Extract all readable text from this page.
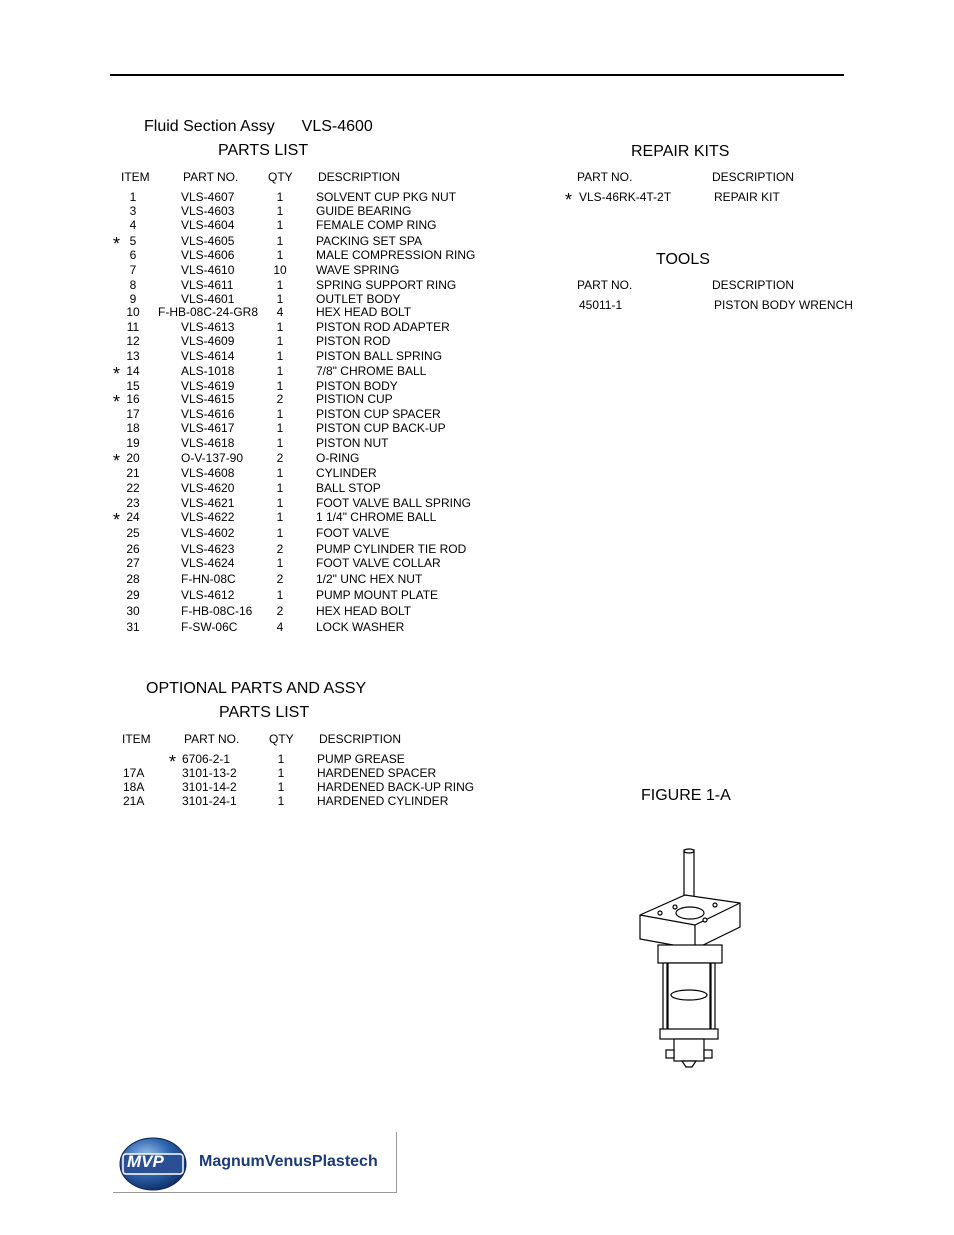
Fluid Section Assy VLS-4600
PARTS LIST
ITEM	PART NO. QTY DESCRIPTION
1	VLS-4607	1	SOLVENT CUP PKG NUT
3	VLS-4603	1	GUIDE BEARING
4	VLS-4604	1	FEMALE COMP RING
* 5	VLS-4605	1	PACKING SET SPA
6	VLS-4606	1	MALE COMPRESSION RING
7	VLS-4610	10 WAVE SPRING
8	VLS-4611	1	SPRING SUPPORT RING
9	VLS-4601	1	OUTLET BODY
10 F-HB-08C-24-GR8	4	HEX HEAD BOLT
11	VLS-4613	1	PISTON ROD ADAPTER
12	VLS-4609	1	PISTON ROD
13	VLS-4614	1	PISTON BALL SPRING
* 14	ALS-1018	1	7/8" CHROME BALL
15	VLS-4619	1	PISTON BODY
* 16	VLS-4615	2	PISTION CUP
17	VLS-4616	1	PISTON CUP SPACER
18	VLS-4617	1	PISTON CUP BACK-UP
19	VLS-4618	1	PISTON NUT
* 20	O-V-137-90	2	O-RING
21	VLS-4608	1	CYLINDER
22	VLS-4620	1	BALL STOP
23	VLS-4621	1	FOOT VALVE BALL SPRING
* 24	VLS-4622	1	1 1/4" CHROME BALL
25	VLS-4602	1	FOOT VALVE
26	VLS-4623	2	PUMP CYLINDER TIE ROD
27	VLS-4624	1	FOOT VALVE COLLAR
28	F-HN-08C	2	1/2" UNC HEX NUT
29	VLS-4612	1	PUMP MOUNT PLATE
30	F-HB-08C-16	2	HEX HEAD BOLT
31	F-SW-06C	4	LOCK WASHER
OPTIONAL PARTS AND ASSY
PARTS LIST
ITEM	PART NO. QTY DESCRIPTION
* 6706-2-1	1	PUMP GREASE
17A	3101-13-2	1	HARDENED SPACER
18A	3101-14-2	1	HARDENED BACK-UP RING
21A	3101-24-1	1	HARDENED CYLINDER
REPAIR KITS
PART NO.	DESCRIPTION
* VLS-46RK-4T-2T	REPAIR KIT
TOOLS
PART NO.	DESCRIPTION
45011-1	PISTON BODY WRENCH
FIGURE 1-A
MVP MagnumVenusPlastech
